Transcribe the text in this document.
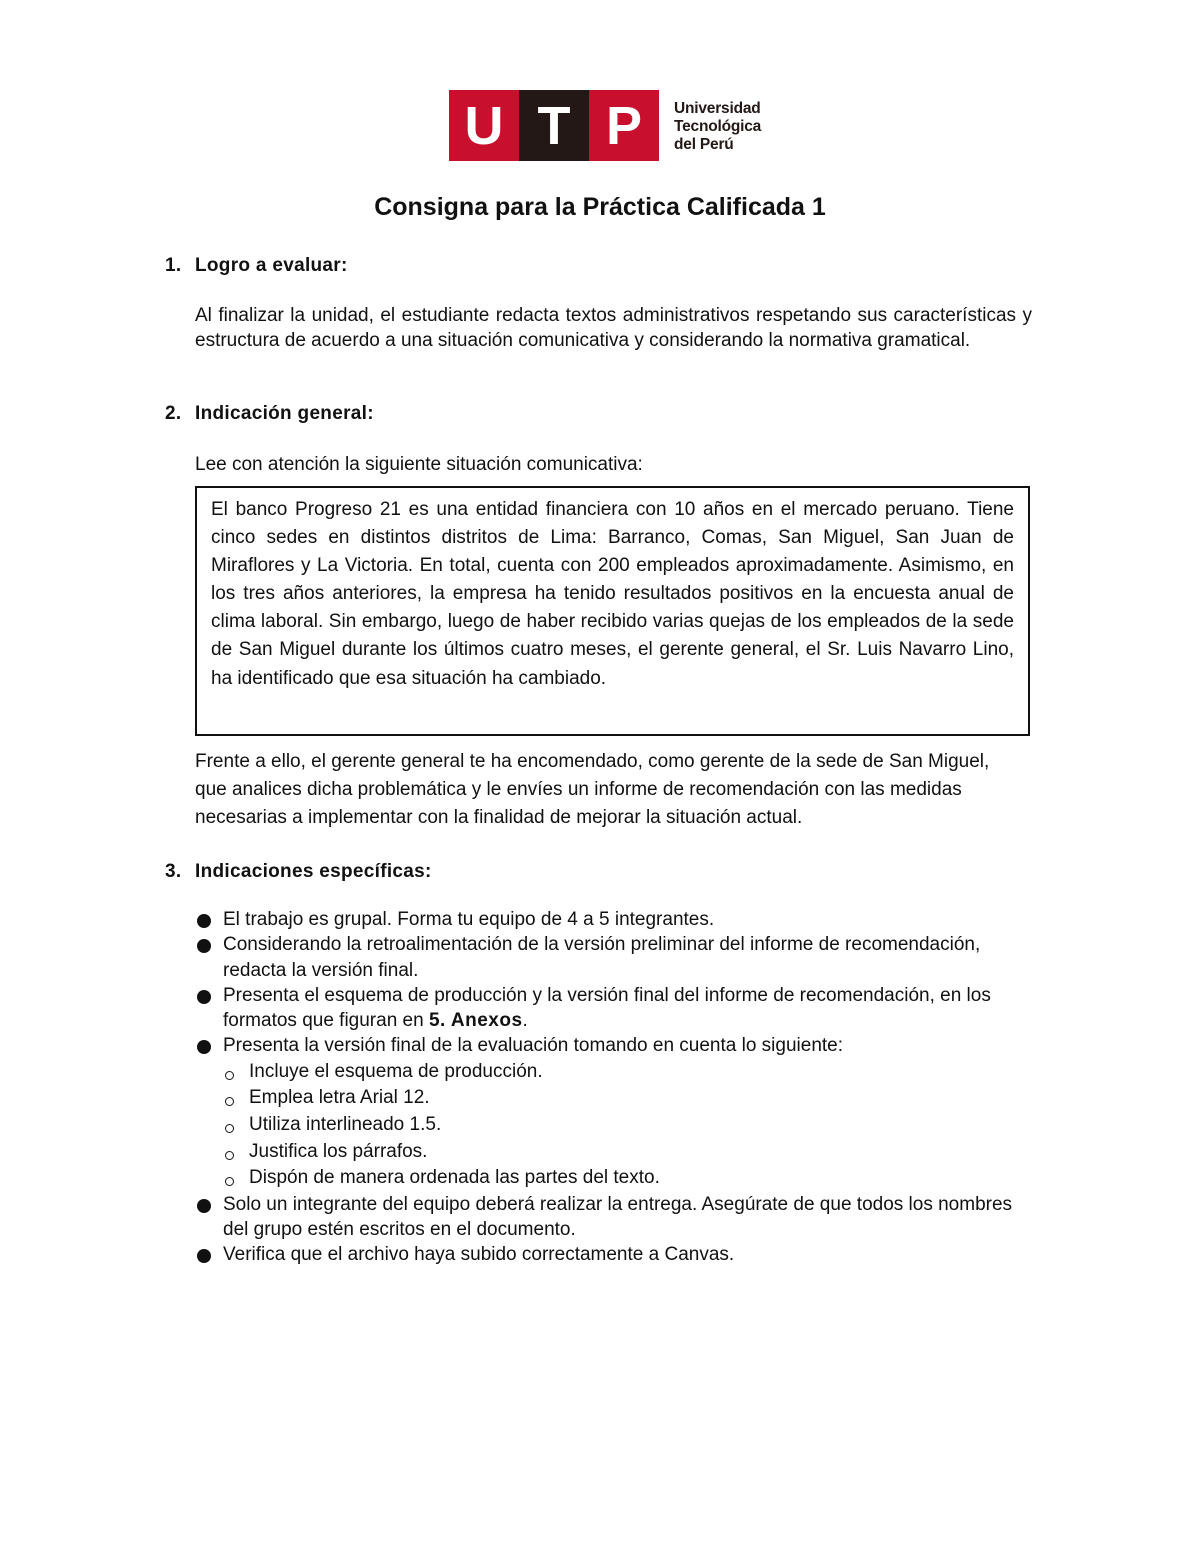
U T P	Universidad
Tecnológica
del Perú
Consigna para la Práctica Calificada 1
1. Logro a evaluar:
Al finalizar la unidad, el estudiante redacta textos administrativos respetando sus características y estructura de acuerdo a una situación comunicativa y considerando la normativa gramatical.
2. Indicación general:
Lee con atención la siguiente situación comunicativa:
El banco Progreso 21 es una entidad financiera con 10 años en el mercado peruano. Tiene cinco sedes en distintos distritos de Lima: Barranco, Comas, San Miguel, San Juan de Miraflores y La Victoria. En total, cuenta con 200 empleados aproximadamente. Asimismo, en los tres años anteriores, la empresa ha tenido resultados positivos en la encuesta anual de clima laboral. Sin embargo, luego de haber recibido varias quejas de los empleados de la sede de San Miguel durante los últimos cuatro meses, el gerente general, el Sr. Luis Navarro Lino, ha identificado que esa situación ha cambiado.
Frente a ello, el gerente general te ha encomendado, como gerente de la sede de San Miguel, que analices dicha problemática y le envíes un informe de recomendación con las medidas necesarias a implementar con la finalidad de mejorar la situación actual.
3. Indicaciones específicas:
El trabajo es grupal. Forma tu equipo de 4 a 5 integrantes.
Considerando la retroalimentación de la versión preliminar del informe de recomendación, redacta la versión final.
Presenta el esquema de producción y la versión final del informe de recomendación, en los formatos que figuran en 5. Anexos.
Presenta la versión final de la evaluación tomando en cuenta lo siguiente:
Incluye el esquema de producción.
Emplea letra Arial 12.
Utiliza interlineado 1.5.
Justifica los párrafos.
Dispón de manera ordenada las partes del texto.
Solo un integrante del equipo deberá realizar la entrega. Asegúrate de que todos los nombres del grupo estén escritos en el documento.
Verifica que el archivo haya subido correctamente a Canvas.
